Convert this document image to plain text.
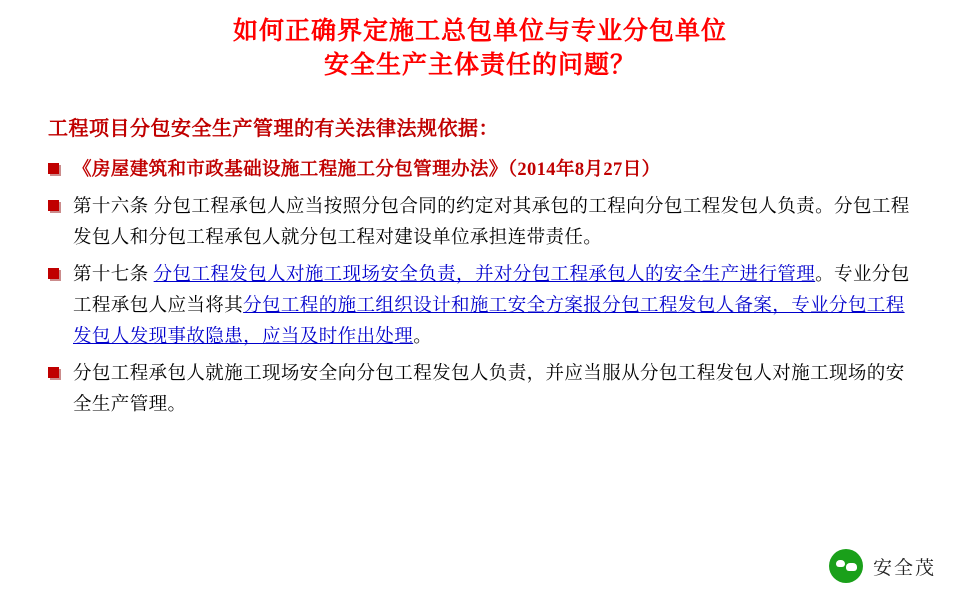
如何正确界定施工总包单位与专业分包单位
安全生产主体责任的问题？
工程项目分包安全生产管理的有关法律法规依据：
《房屋建筑和市政基础设施工程施工分包管理办法》（2014年8月27日）
第十六条 分包工程承包人应当按照分包合同的约定对其承包的工程向分包工程发包人负责。分包工程发包人和分包工程承包人就分包工程对建设单位承担连带责任。
第十七条 分包工程发包人对施工现场安全负责，并对分包工程承包人的安全生产进行管理。专业分包工程承包人应当将其分包工程的施工组织设计和施工安全方案报分包工程发包人备案，专业分包工程发包人发现事故隐患，应当及时作出处理。
分包工程承包人就施工现场安全向分包工程发包人负责，并应当服从分包工程发包人对施工现场的安全生产管理。
安全茂
